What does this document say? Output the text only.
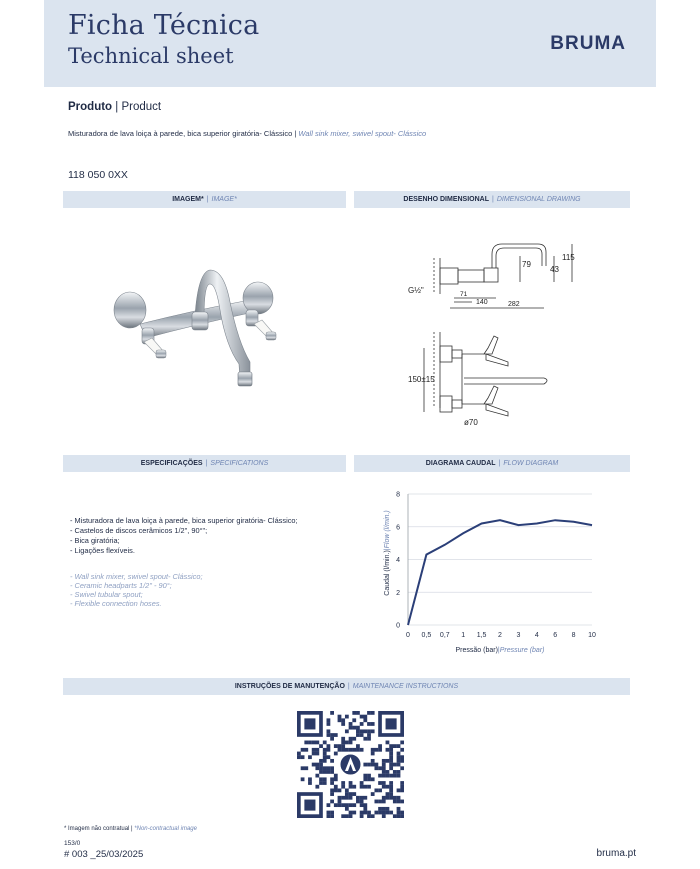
Ficha Técnica
Technical sheet
BRUMA
Produto | Product
Misturadora de lava loiça à parede, bica superior giratória- Clássico | Wall sink mixer, swivel spout- Clássico
118 050 0XX
IMAGEM* | IMAGE*	DESENHO DIMENSIONAL | DIMENSIONAL DRAWING
115
79
43
71
140	282
G½"
150±15
ø70
ESPECIFICAÇÕES | SPECIFICATIONS	DIAGRAMA CAUDAL | FLOW DIAGRAM
- Misturadora de lava loiça à parede, bica superior giratória- Clássico;
- Castelos de discos cerâmicos 1/2", 90°";
- Bica giratória;
- Ligações flexíveis.
- Wall sink mixer, swivel spout- Clássico;
- Ceramic headparts 1/2" - 90°;
- Swivel tubular spout;
- Flexible connection hoses.
0
2
4
6
8
0 0,5 0,7 1 1,5 2 3 4 6 8 10
Caudal (l/min.)|Flow (l/min.)
Pressão (bar)|Pressure (bar)
INSTRUÇÕES DE MANUTENÇÃO | MAINTENANCE INSTRUCTIONS
* Imagem não contratual | *Non-contractual image
153/0
# 003 _25/03/2025	bruma.pt
